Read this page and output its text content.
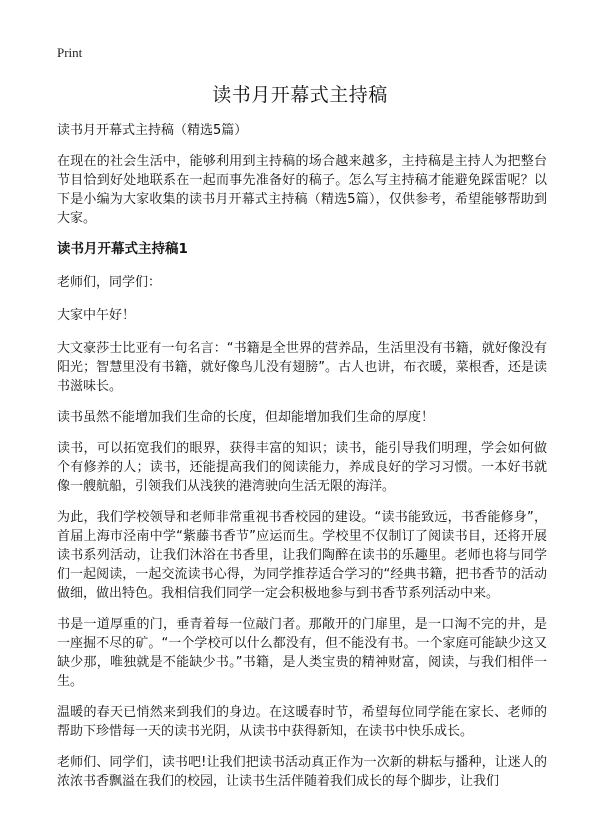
Print
读书月开幕式主持稿

读书月开幕式主持稿（精选5篇）

在现在的社会生活中，能够利用到主持稿的场合越来越多，主持稿是主持人为把整台节目恰到好处地联系在一起而事先准备好的稿子。怎么写主持稿才能避免踩雷呢？以下是小编为大家收集的读书月开幕式主持稿（精选5篇），仅供参考，希望能够帮助到大家。

读书月开幕式主持稿1

老师们，同学们：

大家中午好！

大文豪莎士比亚有一句名言：“书籍是全世界的营养品，生活里没有书籍，就好像没有阳光；智慧里没有书籍，就好像鸟儿没有翅膀”。古人也讲，布衣暖，菜根香，还是读书滋味长。

读书虽然不能增加我们生命的长度，但却能增加我们生命的厚度！

读书，可以拓宽我们的眼界，获得丰富的知识；读书，能引导我们明理，学会如何做个有修养的人；读书，还能提高我们的阅读能力，养成良好的学习习惯。一本好书就像一艘航船，引领我们从浅狭的港湾驶向生活无限的海洋。

为此，我们学校领导和老师非常重视书香校园的建设。“读书能致远，书香能修身”，首届上海市泾南中学“紫藤书香节”应运而生。学校里不仅制订了阅读书目，还将开展读书系列活动，让我们沐浴在书香里，让我们陶醉在读书的乐趣里。老师也将与同学们一起阅读，一起交流读书心得，为同学推荐适合学习的“经典书籍，把书香节的活动做细，做出特色。我相信我们同学一定会积极地参与到书香节系列活动中来。

书是一道厚重的门，垂青着每一位敲门者。那敞开的门扉里，是一口淘不完的井，是一座掘不尽的矿。“一个学校可以什么都没有，但不能没有书。一个家庭可能缺少这又缺少那，唯独就是不能缺少书。”书籍，是人类宝贵的精神财富，阅读，与我们相伴一生。

温暖的春天已悄然来到我们的身边。在这暖春时节，希望每位同学能在家长、老师的帮助下珍惜每一天的读书光阴，从读书中获得新知，在读书中快乐成长。

老师们、同学们，读书吧!让我们把读书活动真正作为一次新的耕耘与播种，让迷人的浓浓书香飘溢在我们的校园，让读书生活伴随着我们成长的每个脚步，让我们
